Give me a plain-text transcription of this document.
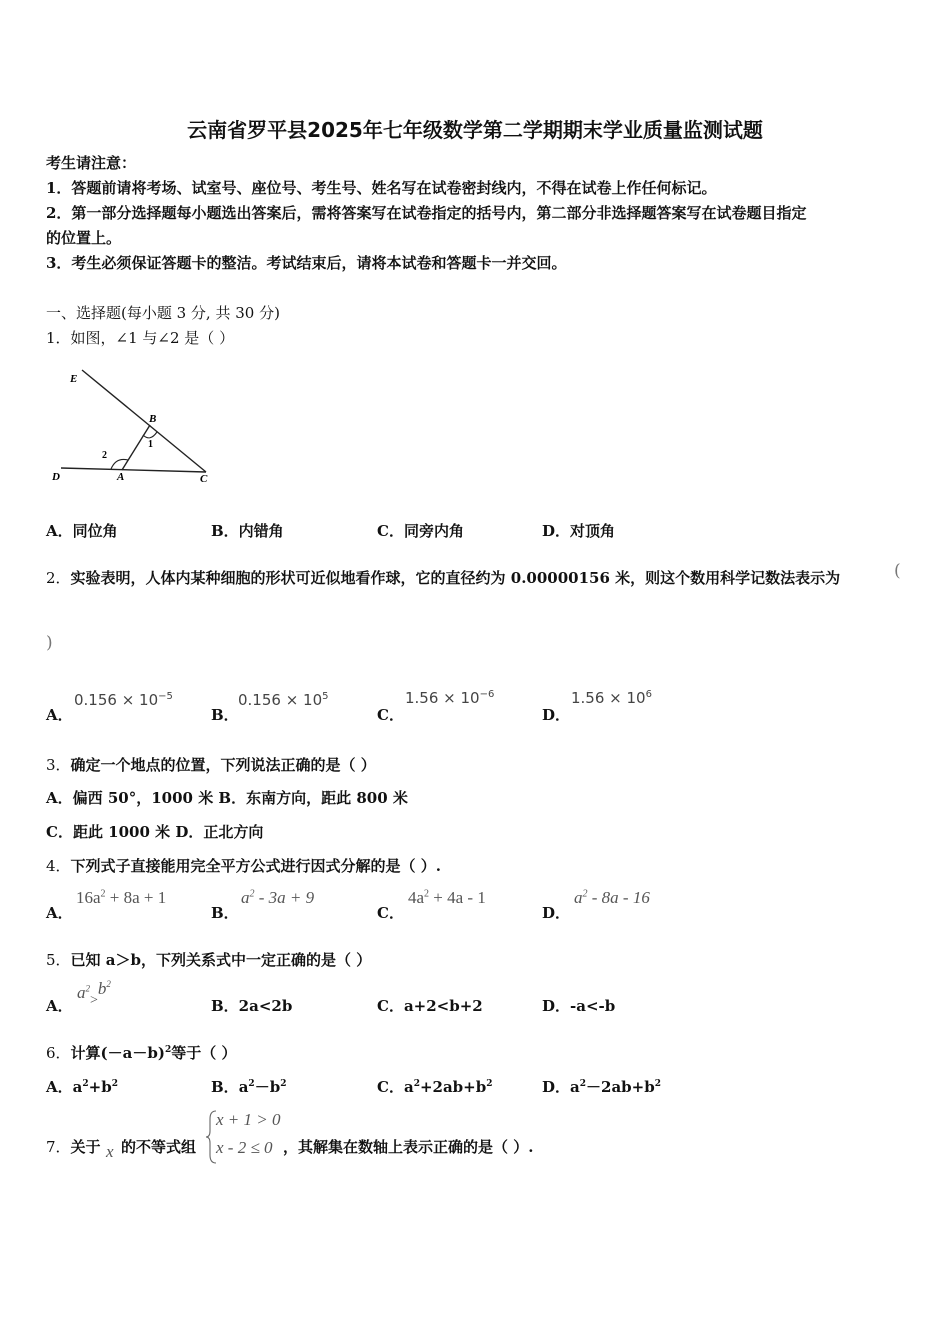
云南省罗平县2025年七年级数学第二学期期末学业质量监测试题
考生请注意：
1．答题前请将考场、试室号、座位号、考生号、姓名写在试卷密封线内，不得在试卷上作任何标记。
2．第一部分选择题每小题选出答案后，需将答案写在试卷指定的括号内，第二部分非选择题答案写在试卷题目指定
的位置上。
3．考生必须保证答题卡的整洁。考试结束后，请将本试卷和答题卡一并交回。
一、选择题(每小题 3 分, 共 30 分)
1．如图，∠1 与∠2 是（ ）
E
B
1
2
D	A	C
A．同位角	B．内错角	C．同旁内角	D．对顶角
2．实验表明，人体内某种细胞的形状可近似地看作球，它的直径约为 0.00000156 米，则这个数用科学记数法表示为	(
)
A．
$0.156 \times 10^{-5}$
B．
$0.156 \times 10^5$
C．
$1.56 \times 10^{-6}$
D．
$1.56 \times 10^6$
3．确定一个地点的位置，下列说法正确的是（ ）
A．偏西 50°，1000 米 B．东南方向，距此 800 米
C．距此 1000 米 D．正北方向
4．下列式子直接能用完全平方公式进行因式分解的是（ ）.
A．
$16a^2 + 8a + 1$
B．
$a^2 - 3a + 9$
C．
$4a^2 + 4a - 1$
D．
$a^2 - 8a - 16$
5．已知 a＞b，下列关系式中一定正确的是（ ）
A．
$a^2_>b^2$
B．2a<2b	C．a+2<b+2	D．-a<-b
6．计算$(-a-b)^2$等于（ ）
A．$a^2+b^2$	B．$a^2-b^2$	C．$a^2+2ab+b^2$	D．$a^2-2ab+b^2$
7．关于 x 的不等式组
x + 1 > 0
x - 2 ≤ 0 ，其解集在数轴上表示正确的是（ ）.
